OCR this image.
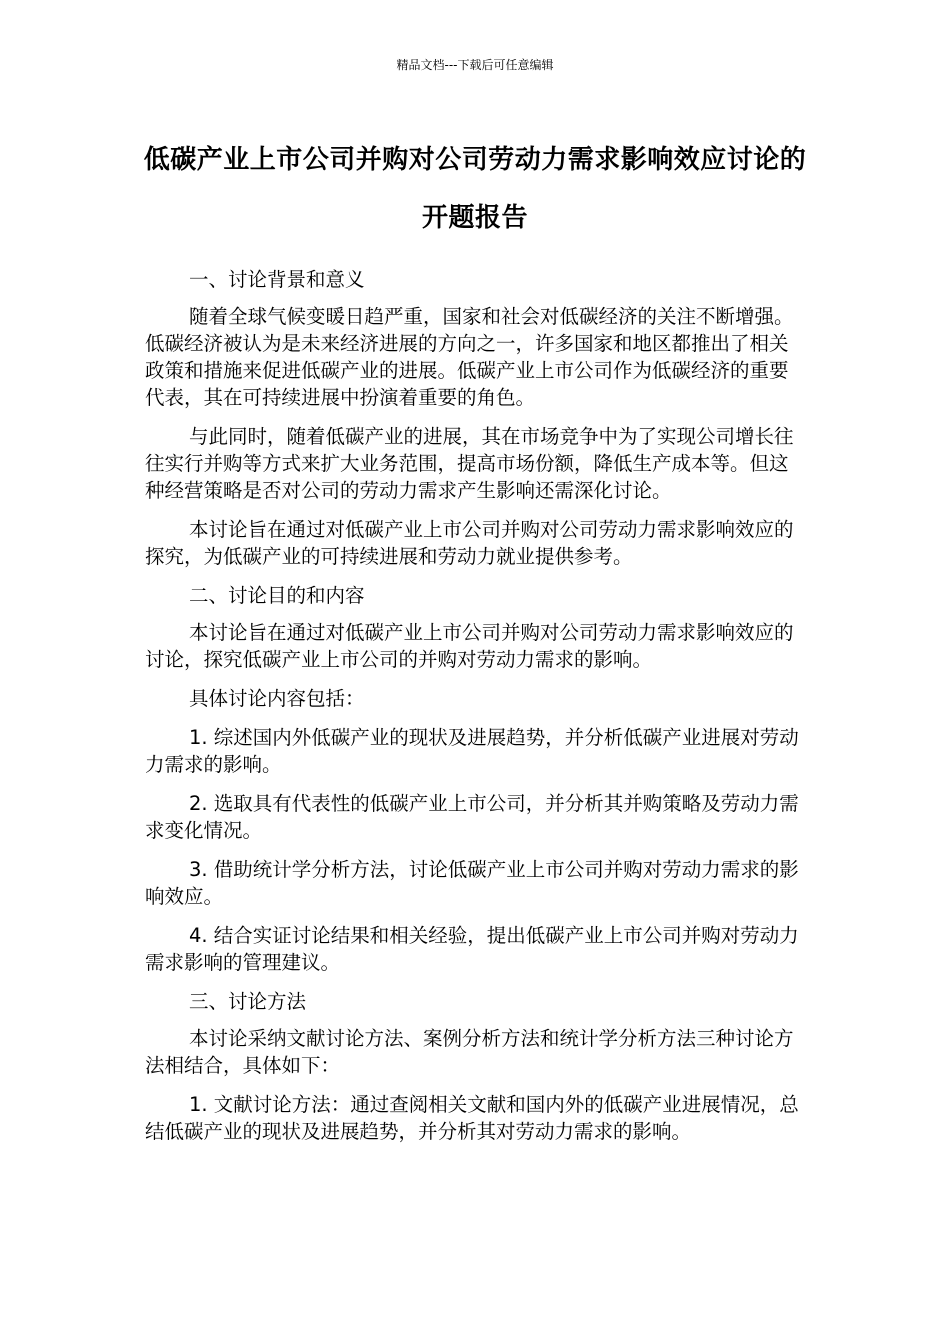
精品文档---下载后可任意编辑
低碳产业上市公司并购对公司劳动力需求影响效应讨论的开题报告

一、讨论背景和意义

随着全球气候变暖日趋严重，国家和社会对低碳经济的关注不断增强。低碳经济被认为是未来经济进展的方向之一，许多国家和地区都推出了相关政策和措施来促进低碳产业的进展。低碳产业上市公司作为低碳经济的重要代表，其在可持续进展中扮演着重要的角色。

与此同时，随着低碳产业的进展，其在市场竞争中为了实现公司增长往往实行并购等方式来扩大业务范围，提高市场份额，降低生产成本等。但这种经营策略是否对公司的劳动力需求产生影响还需深化讨论。

本讨论旨在通过对低碳产业上市公司并购对公司劳动力需求影响效应的探究，为低碳产业的可持续进展和劳动力就业提供参考。

二、讨论目的和内容

本讨论旨在通过对低碳产业上市公司并购对公司劳动力需求影响效应的讨论，探究低碳产业上市公司的并购对劳动力需求的影响。

具体讨论内容包括：

1. 综述国内外低碳产业的现状及进展趋势，并分析低碳产业进展对劳动力需求的影响。

2. 选取具有代表性的低碳产业上市公司，并分析其并购策略及劳动力需求变化情况。

3. 借助统计学分析方法，讨论低碳产业上市公司并购对劳动力需求的影响效应。

4. 结合实证讨论结果和相关经验，提出低碳产业上市公司并购对劳动力需求影响的管理建议。

三、讨论方法

本讨论采纳文献讨论方法、案例分析方法和统计学分析方法三种讨论方法相结合，具体如下：

1. 文献讨论方法：通过查阅相关文献和国内外的低碳产业进展情况，总结低碳产业的现状及进展趋势，并分析其对劳动力需求的影响。
